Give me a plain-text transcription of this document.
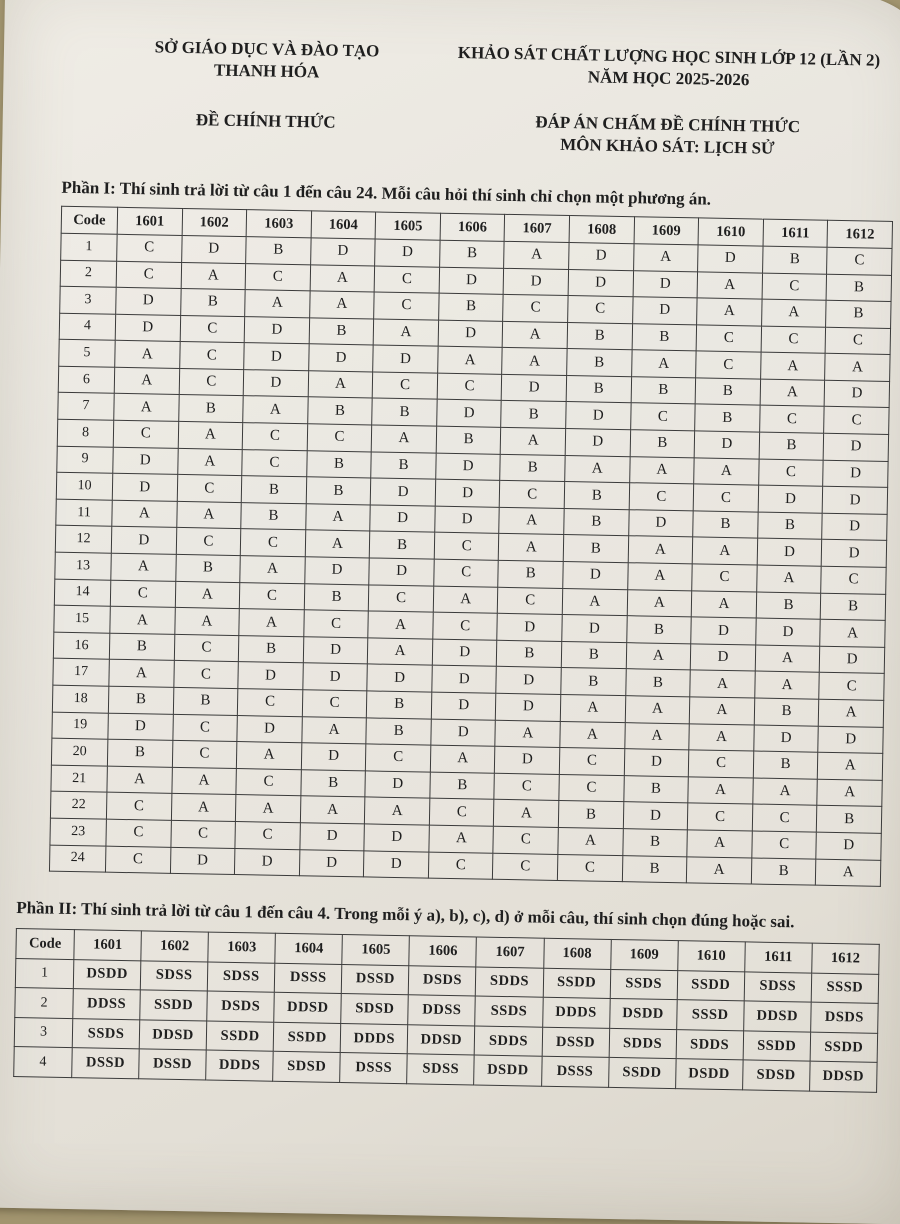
SỞ GIÁO DỤC VÀ ĐÀO TẠO
THANH HÓA
ĐỀ CHÍNH THỨC
KHẢO SÁT CHẤT LƯỢNG HỌC SINH LỚP 12 (LẦN 2)
NĂM HỌC 2025-2026
ĐÁP ÁN CHẤM ĐỀ CHÍNH THỨC
MÔN KHẢO SÁT: LỊCH SỬ
Phần I: Thí sinh trả lời từ câu 1 đến câu 24. Mỗi câu hỏi thí sinh chỉ chọn một phương án.
Code	1601	1602	1603	1604	1605	1606	1607	1608	1609	1610	1611	1612
1	C	D	B	D	D	B	A	D	A	D	B	C
2	C	A	C	A	C	D	D	D	D	A	C	B
3	D	B	A	A	C	B	C	C	D	A	A	B
4	D	C	D	B	A	D	A	B	B	C	C	C
5	A	C	D	D	D	A	A	B	A	C	A	A
6	A	C	D	A	C	C	D	B	B	B	A	D
7	A	B	A	B	B	D	B	D	C	B	C	C
8	C	A	C	C	A	B	A	D	B	D	B	D
9	D	A	C	B	B	D	B	A	A	A	C	D
10	D	C	B	B	D	D	C	B	C	C	D	D
11	A	A	B	A	D	D	A	B	D	B	B	D
12	D	C	C	A	B	C	A	B	A	A	D	D
13	A	B	A	D	D	C	B	D	A	C	A	C
14	C	A	C	B	C	A	C	A	A	A	B	B
15	A	A	A	C	A	C	D	D	B	D	D	A
16	B	C	B	D	A	D	B	B	A	D	A	D
17	A	C	D	D	D	D	D	B	B	A	A	C
18	B	B	C	C	B	D	D	A	A	A	B	A
19	D	C	D	A	B	D	A	A	A	A	D	D
20	B	C	A	D	C	A	D	C	D	C	B	A
21	A	A	C	B	D	B	C	C	B	A	A	A
22	C	A	A	A	A	C	A	B	D	C	C	B
23	C	C	C	D	D	A	C	A	B	A	C	D
24	C	D	D	D	D	C	C	C	B	A	B	A
Phần II: Thí sinh trả lời từ câu 1 đến câu 4. Trong mỗi ý a), b), c), d) ở mỗi câu, thí sinh chọn đúng hoặc sai.
Code	1601	1602	1603	1604	1605	1606	1607	1608	1609	1610	1611	1612
1	DSDD	SDSS	SDSS	DSSS	DSSD	DSDS	SDDS	SSDD	SSDS	SSDD	SDSS	SSSD
2	DDSS	SSDD	DSDS	DDSD	SDSD	DDSS	SSDS	DDDS	DSDD	SSSD	DDSD	DSDS
3	SSDS	DDSD	SSDD	SSDD	DDDS	DDSD	SDDS	DSSD	SDDS	SDDS	SSDD	SSDD
4	DSSD	DSSD	DDDS	SDSD	DSSS	SDSS	DSDD	DSSS	SSDD	DSDD	SDSD	DDSD
